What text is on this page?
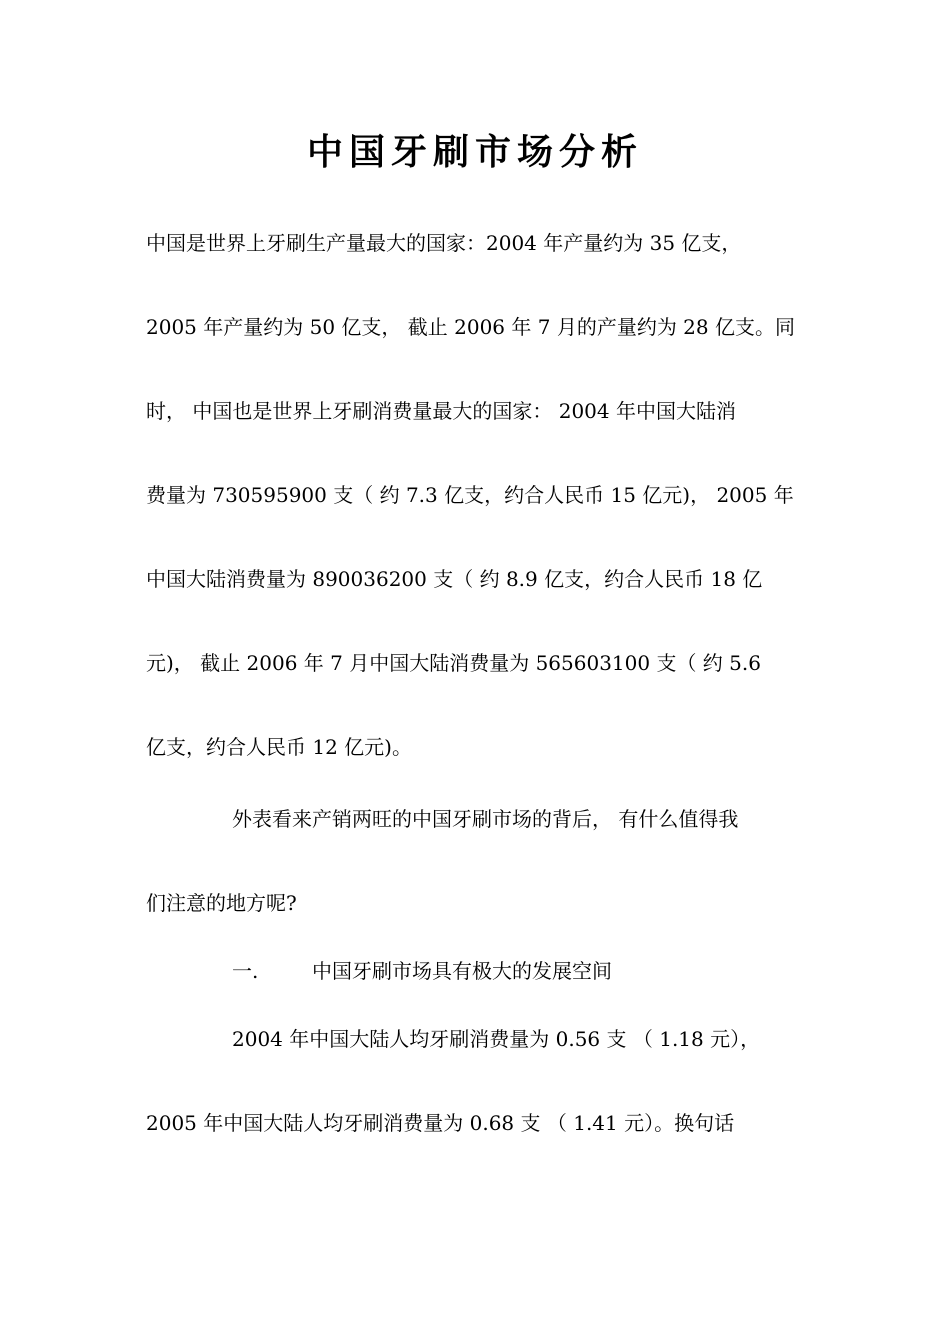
中国牙刷市场分析
中国是世界上牙刷生产量最大的国家：2004 年产量约为 35 亿支，
2005 年产量约为 50 亿支， 截止 2006 年 7 月的产量约为 28 亿支。同
时， 中国也是世界上牙刷消费量最大的国家： 2004 年中国大陆消
费量为 730595900 支（ 约 7.3 亿支，约合人民币 15 亿元)， 2005 年
中国大陆消费量为 890036200 支（ 约 8.9 亿支，约合人民币 18 亿
元)， 截止 2006 年 7 月中国大陆消费量为 565603100 支（ 约 5.6
亿支，约合人民币 12 亿元)。
外表看来产销两旺的中国牙刷市场的背后， 有什么值得我
们注意的地方呢?
一.	中国牙刷市场具有极大的发展空间
2004 年中国大陆人均牙刷消费量为 0.56 支 （ 1.18 元），
2005 年中国大陆人均牙刷消费量为 0.68 支 （ 1.41 元）。换句话
